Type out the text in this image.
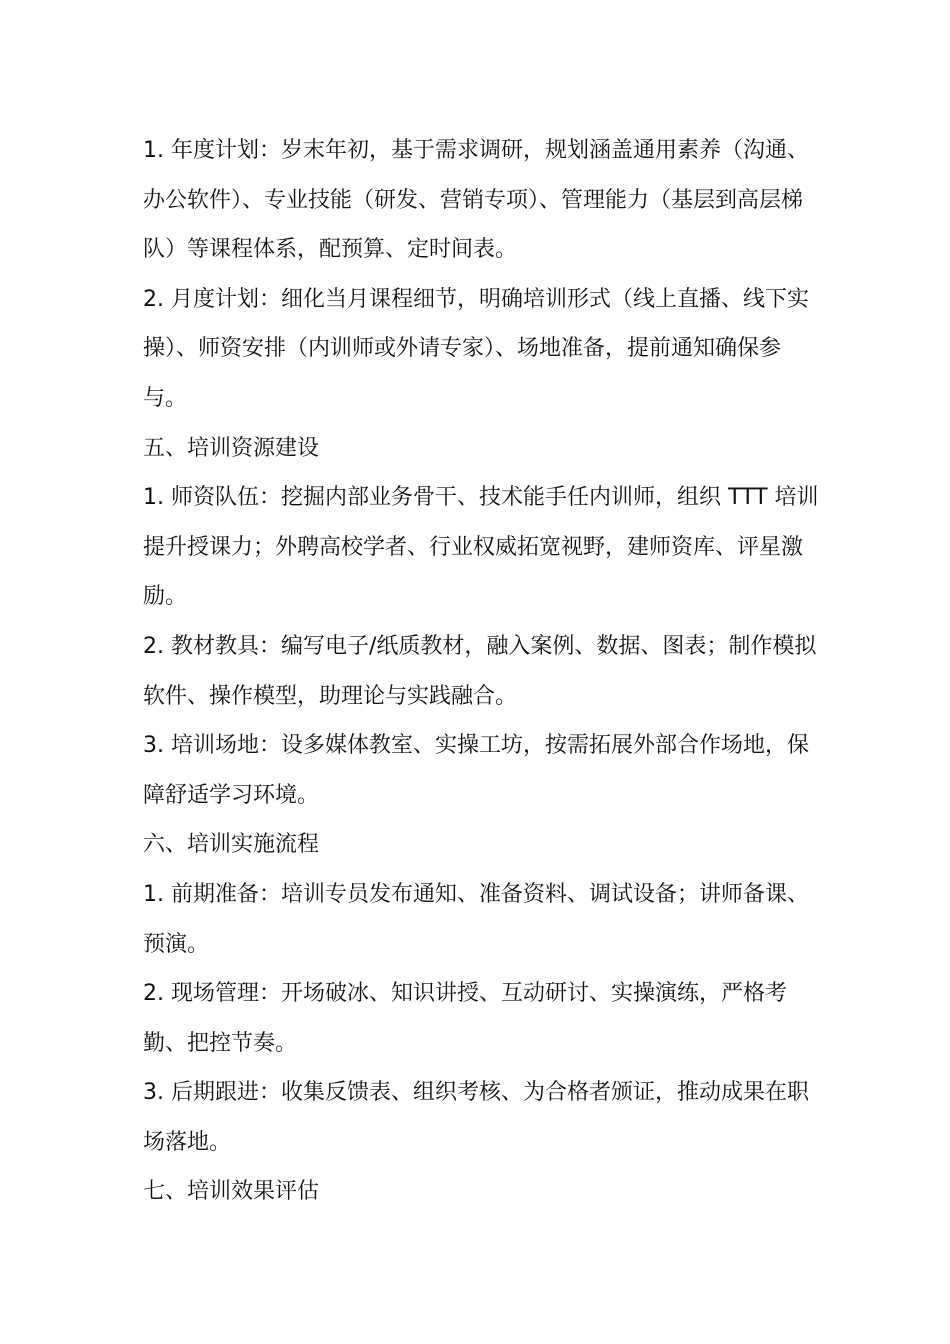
1. 年度计划：岁末年初，基于需求调研，规划涵盖通用素养（沟通、办公软件）、专业技能（研发、营销专项）、管理能力（基层到高层梯队）等课程体系，配预算、定时间表。

2. 月度计划：细化当月课程细节，明确培训形式（线上直播、线下实操）、师资安排（内训师或外请专家）、场地准备，提前通知确保参与。

五、培训资源建设

1. 师资队伍：挖掘内部业务骨干、技术能手任内训师，组织 TTT 培训提升授课力；外聘高校学者、行业权威拓宽视野，建师资库、评星激励。

2. 教材教具：编写电子/纸质教材，融入案例、数据、图表；制作模拟软件、操作模型，助理论与实践融合。

3. 培训场地：设多媒体教室、实操工坊，按需拓展外部合作场地，保障舒适学习环境。

六、培训实施流程

1. 前期准备：培训专员发布通知、准备资料、调试设备；讲师备课、预演。

2. 现场管理：开场破冰、知识讲授、互动研讨、实操演练，严格考勤、把控节奏。

3. 后期跟进：收集反馈表、组织考核、为合格者颁证，推动成果在职场落地。

七、培训效果评估
